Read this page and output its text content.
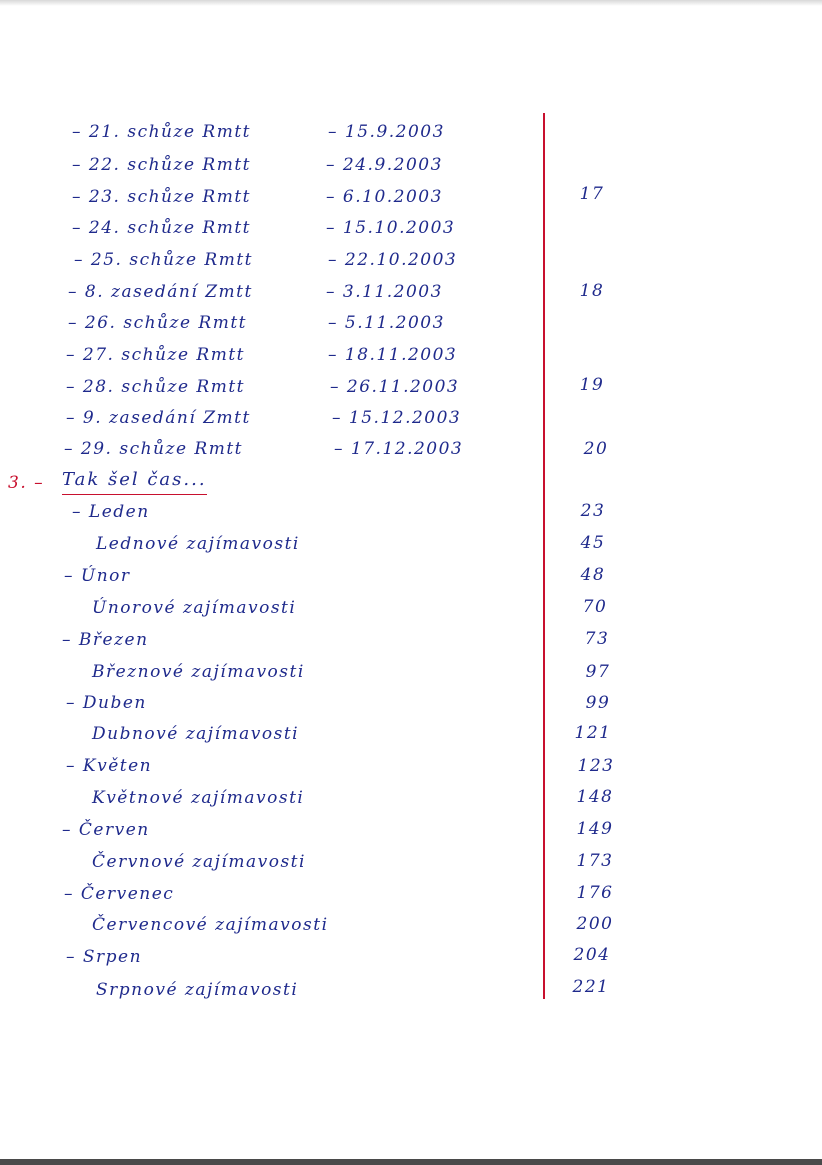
– 21. schůze Rmtt	– 15.9.2003
– 22. schůze Rmtt	– 24.9.2003
– 23. schůze Rmtt	– 6.10.2003	17
– 24. schůze Rmtt	– 15.10.2003
– 25. schůze Rmtt	– 22.10.2003
– 8. zasedání Zmtt	– 3.11.2003	18
– 26. schůze Rmtt	– 5.11.2003
– 27. schůze Rmtt	– 18.11.2003
– 28. schůze Rmtt	– 26.11.2003	19
– 9. zasedání Zmtt	– 15.12.2003
– 29. schůze Rmtt	– 17.12.2003	20
3. – Tak šel čas...
– Leden	23
Lednové zajímavosti	45
– Únor	48
Únorové zajímavosti	70
– Březen	73
Březnové zajímavosti	97
– Duben	99
Dubnové zajímavosti	121
– Květen	123
Květnové zajímavosti	148
– Červen	149
Červnové zajímavosti	173
– Červenec	176
Červencové zajímavosti	200
– Srpen	204
Srpnové zajímavosti	221
